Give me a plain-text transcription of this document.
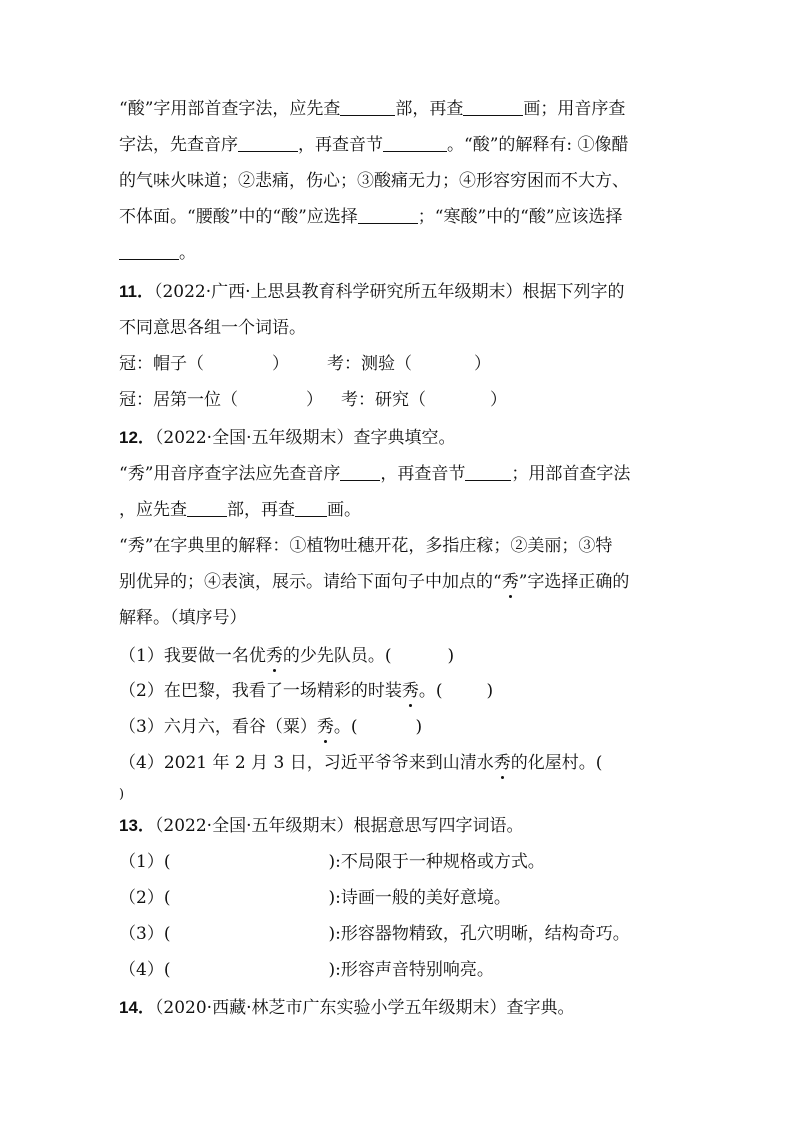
“酸”字用部首查字法，应先查	部，再查	画；用音序查
字法，先查音序	，再查音节	。“酸”的解释有: ①像醋
的气味火味道；②悲痛，伤心；③酸痛无力；④形容穷困而不大方、
不体面。“腰酸”中的“酸”应选择	；“寒酸”中的“酸”应该选择
。
11．（2022·广西·上思县教育科学研究所五年级期末）根据下列字的
不同意思各组一个词语。
冠：帽子（	） 考：测验（	）
冠：居第一位（	） 考：研究（	）
12．（2022·全国·五年级期末）查字典填空。
“秀”用音序查字法应先查音序 ，再查音节	；用部首查字法
，应先查 部，再查 画。
“秀”在字典里的解释：①植物吐穗开花，多指庄稼；②美丽；③特
别优异的；④表演，展示。请给下面句子中加点的“秀”字选择正确的
解释。（填序号）
（1）我要做一名优秀的少先队员。(	)
（2）在巴黎，我看了一场精彩的时装秀。(	)
（3）六月六，看谷（粟）秀。(	)
（4）2021 年 2 月 3 日，习近平爷爷来到山清水秀的化屋村。(
)
13．（2022·全国·五年级期末）根据意思写四字词语。
（1）(	):不局限于一种规格或方式。
（2）(	):诗画一般的美好意境。
（3）(	):形容器物精致，孔穴明晰，结构奇巧。
（4）(	):形容声音特别响亮。
14．（2020·西藏·林芝市广东实验小学五年级期末）查字典。
